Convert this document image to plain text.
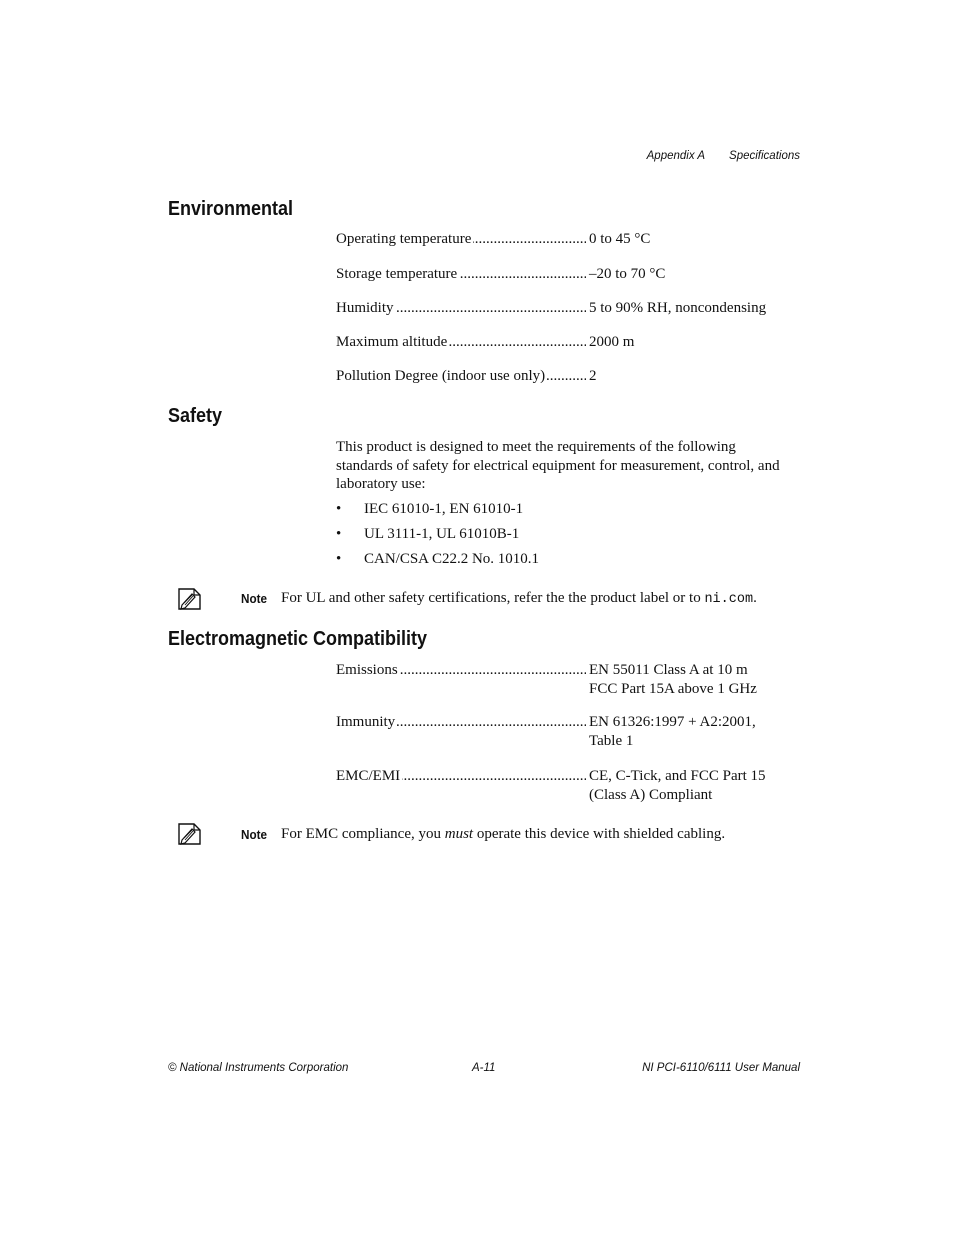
Appendix A Specifications
Environmental
Operating temperature .....	0 to 45 °C
Storage temperature .....	–20 to 70 °C
Humidity .....	5 to 90% RH, noncondensing
Maximum altitude .....	2000 m
Pollution Degree (indoor use only) .....	2
Safety
This product is designed to meet the requirements of the following standards of safety for electrical equipment for measurement, control, and laboratory use:
• IEC 61010-1, EN 61010-1
• UL 3111-1, UL 61010B-1
• CAN/CSA C22.2 No. 1010.1
Note For UL and other safety certifications, refer the the product label or to ni.com.
Electromagnetic Compatibility
Emissions .....	EN 55011 Class A at 10 m
FCC Part 15A above 1 GHz
Immunity .....	EN 61326:1997 + A2:2001,
Table 1
EMC/EMI .....	CE, C-Tick, and FCC Part 15
(Class A) Compliant
Note For EMC compliance, you must operate this device with shielded cabling.
© National Instruments Corporation	A-11	NI PCI-6110/6111 User Manual
